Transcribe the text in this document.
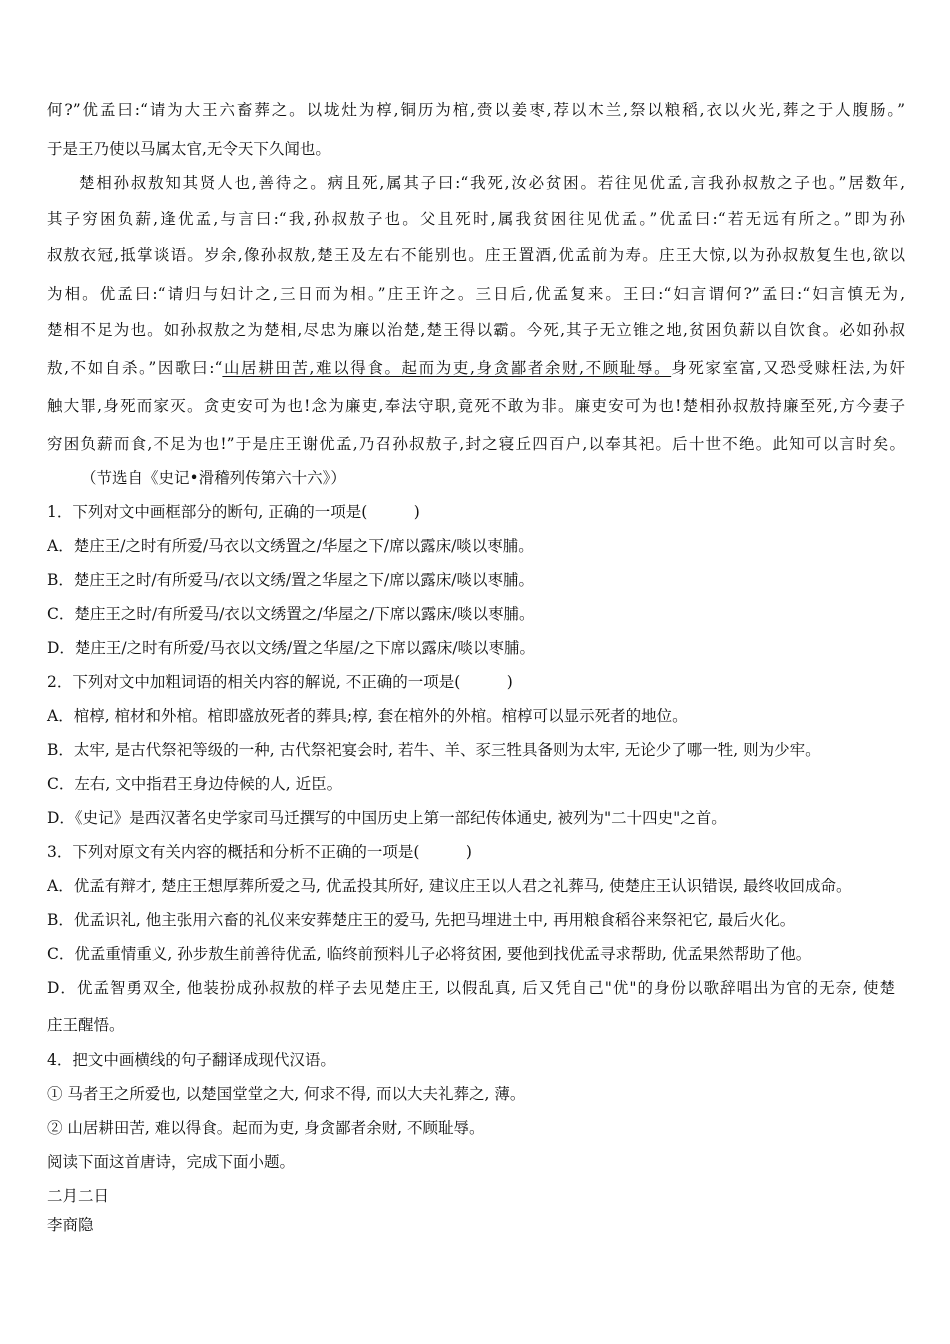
何?”优孟曰:“请为大王六畜葬之。以垅灶为椁,铜历为棺,赍以姜枣,荐以木兰,祭以粮稻,衣以火光,葬之于人腹肠。”
于是王乃使以马属太官,无令天下久闻也。
楚相孙叔敖知其贤人也,善待之。病且死,属其子曰:“我死,汝必贫困。若往见优孟,言我孙叔敖之子也。”居数年,
其子穷困负薪,逢优孟,与言曰:“我,孙叔敖子也。父且死时,属我贫困往见优孟。”优孟曰:“若无远有所之。”即为孙
叔敖衣冠,抵掌谈语。岁余,像孙叔敖,楚王及左右不能别也。庄王置酒,优孟前为寿。庄王大惊,以为孙叔敖复生也,欲以
为相。优孟曰:“请归与妇计之,三日而为相。”庄王许之。三日后,优孟复来。王曰:“妇言谓何?”孟曰:“妇言慎无为,
楚相不足为也。如孙叔敖之为楚相,尽忠为廉以治楚,楚王得以霸。今死,其子无立锥之地,贫困负薪以自饮食。必如孙叔
敖,不如自杀。”因歌曰:“山居耕田苦,难以得食。起而为吏,身贪鄙者余财,不顾耻辱。身死家室富,又恐受赇枉法,为奸
触大罪,身死而家灭。贪吏安可为也!念为廉吏,奉法守职,竟死不敢为非。廉吏安可为也!楚相孙叔敖持廉至死,方今妻子
穷困负薪而食,不足为也!”于是庄王谢优孟,乃召孙叔敖子,封之寝丘四百户,以奉其祀。后十世不绝。此知可以言时矣。
（节选自《史记•滑稽列传第六十六》）
1．下列对文中画框部分的断句, 正确的一项是(　　　)
A．楚庄王/之时有所爱/马衣以文绣置之/华屋之下/席以露床/啖以枣脯。
B．楚庄王之时/有所爱马/衣以文绣/置之华屋之下/席以露床/啖以枣脯。
C．楚庄王之时/有所爱马/衣以文绣置之/华屋之/下席以露床/啖以枣脯。
D．楚庄王/之时有所爱/马衣以文绣/置之华屋/之下席以露床/啖以枣脯。
2．下列对文中加粗词语的相关内容的解说, 不正确的一项是(　　　)
A．棺椁, 棺材和外棺。棺即盛放死者的葬具;椁, 套在棺外的外棺。棺椁可以显示死者的地位。
B．太牢, 是古代祭祀等级的一种, 古代祭祀宴会时, 若牛、羊、豕三牲具备则为太牢, 无论少了哪一牲, 则为少牢。
C．左右, 文中指君王身边侍候的人, 近臣。
D．《史记》是西汉著名史学家司马迁撰写的中国历史上第一部纪传体通史, 被列为"二十四史"之首。
3．下列对原文有关内容的概括和分析不正确的一项是(　　　)
A．优孟有辩才, 楚庄王想厚葬所爱之马, 优孟投其所好, 建议庄王以人君之礼葬马, 使楚庄王认识错误, 最终收回成命。
B．优孟识礼, 他主张用六畜的礼仪来安葬楚庄王的爱马, 先把马埋进土中, 再用粮食稻谷来祭祀它, 最后火化。
C．优孟重情重义, 孙步敖生前善待优孟, 临终前预料儿子必将贫困, 要他到找优孟寻求帮助, 优孟果然帮助了他。
D．优孟智勇双全, 他装扮成孙叔敖的样子去见楚庄王, 以假乱真, 后又凭自己"优"的身份以歌辞唱出为官的无奈, 使楚
庄王醒悟。
4．把文中画横线的句子翻译成现代汉语。
① 马者王之所爱也, 以楚国堂堂之大, 何求不得, 而以大夫礼葬之, 薄。
② 山居耕田苦, 难以得食。起而为吏, 身贪鄙者余财, 不顾耻辱。
阅读下面这首唐诗，完成下面小题。
二月二日
李商隐
